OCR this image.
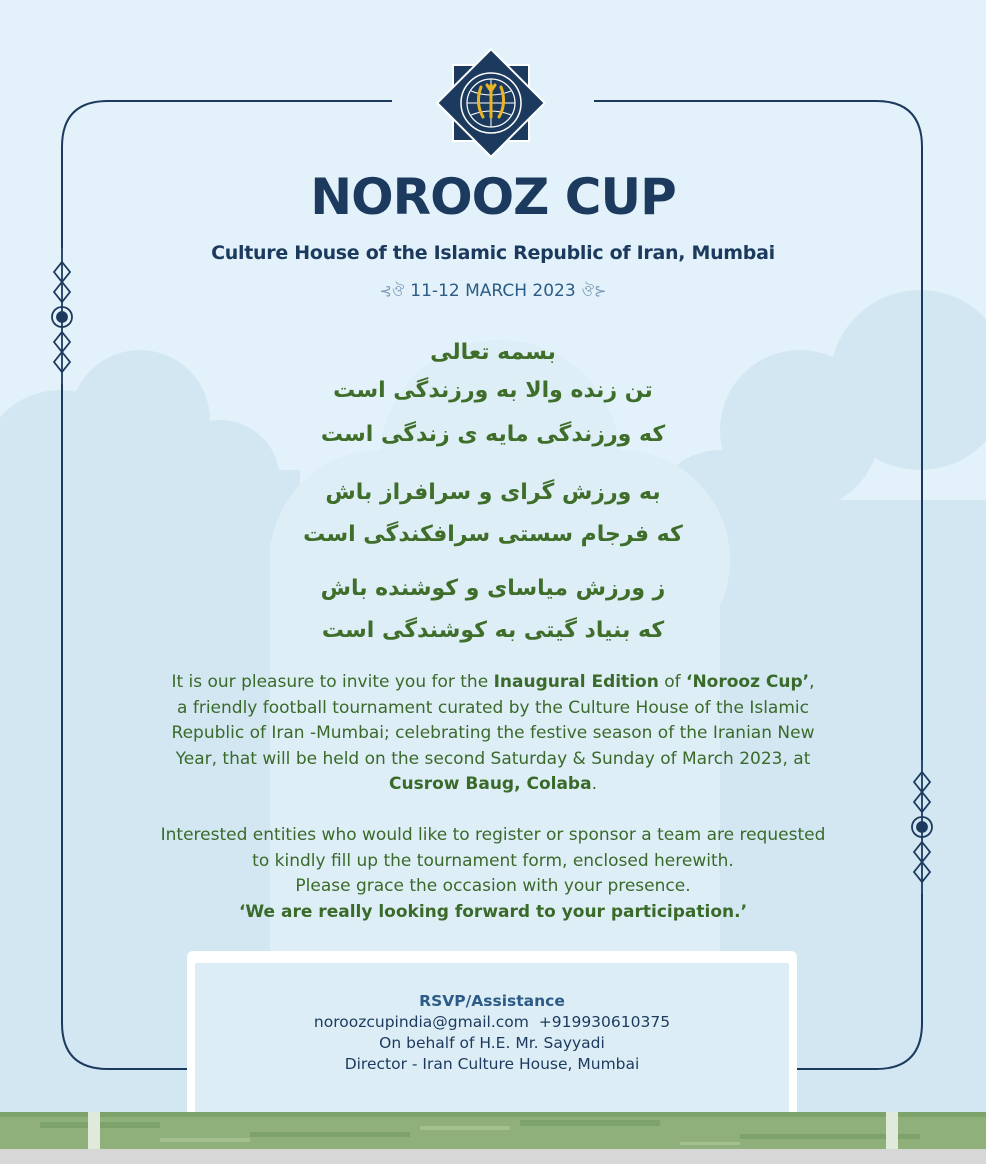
NOROOZ CUP
Culture House of the Islamic Republic of Iran, Mumbai
⊰ঔ 11-12 MARCH 2023 ঔ⊱
بسمه تعالی
تن زنده والا به ورزندگی است
که ورزندگی مایه ی زندگی است
به ورزش گرای و سرافراز باش
که فرجام سستی سرافکندگی است
ز ورزش میاسای و کوشنده باش
که بنیاد گیتی به کوشندگی است
It is our pleasure to invite you for the Inaugural Edition of ‘Norooz Cup’,
a friendly football tournament curated by the Culture House of the Islamic
Republic of Iran -Mumbai; celebrating the festive season of the Iranian New
Year, that will be held on the second Saturday & Sunday of March 2023, at
Cusrow Baug, Colaba.
Interested entities who would like to register or sponsor a team are requested
to kindly fill up the tournament form, enclosed herewith.
Please grace the occasion with your presence.
‘We are really looking forward to your participation.’
RSVP/Assistance
noroozcupindia@gmail.com +919930610375
On behalf of H.E. Mr. Sayyadi
Director - Iran Culture House, Mumbai
